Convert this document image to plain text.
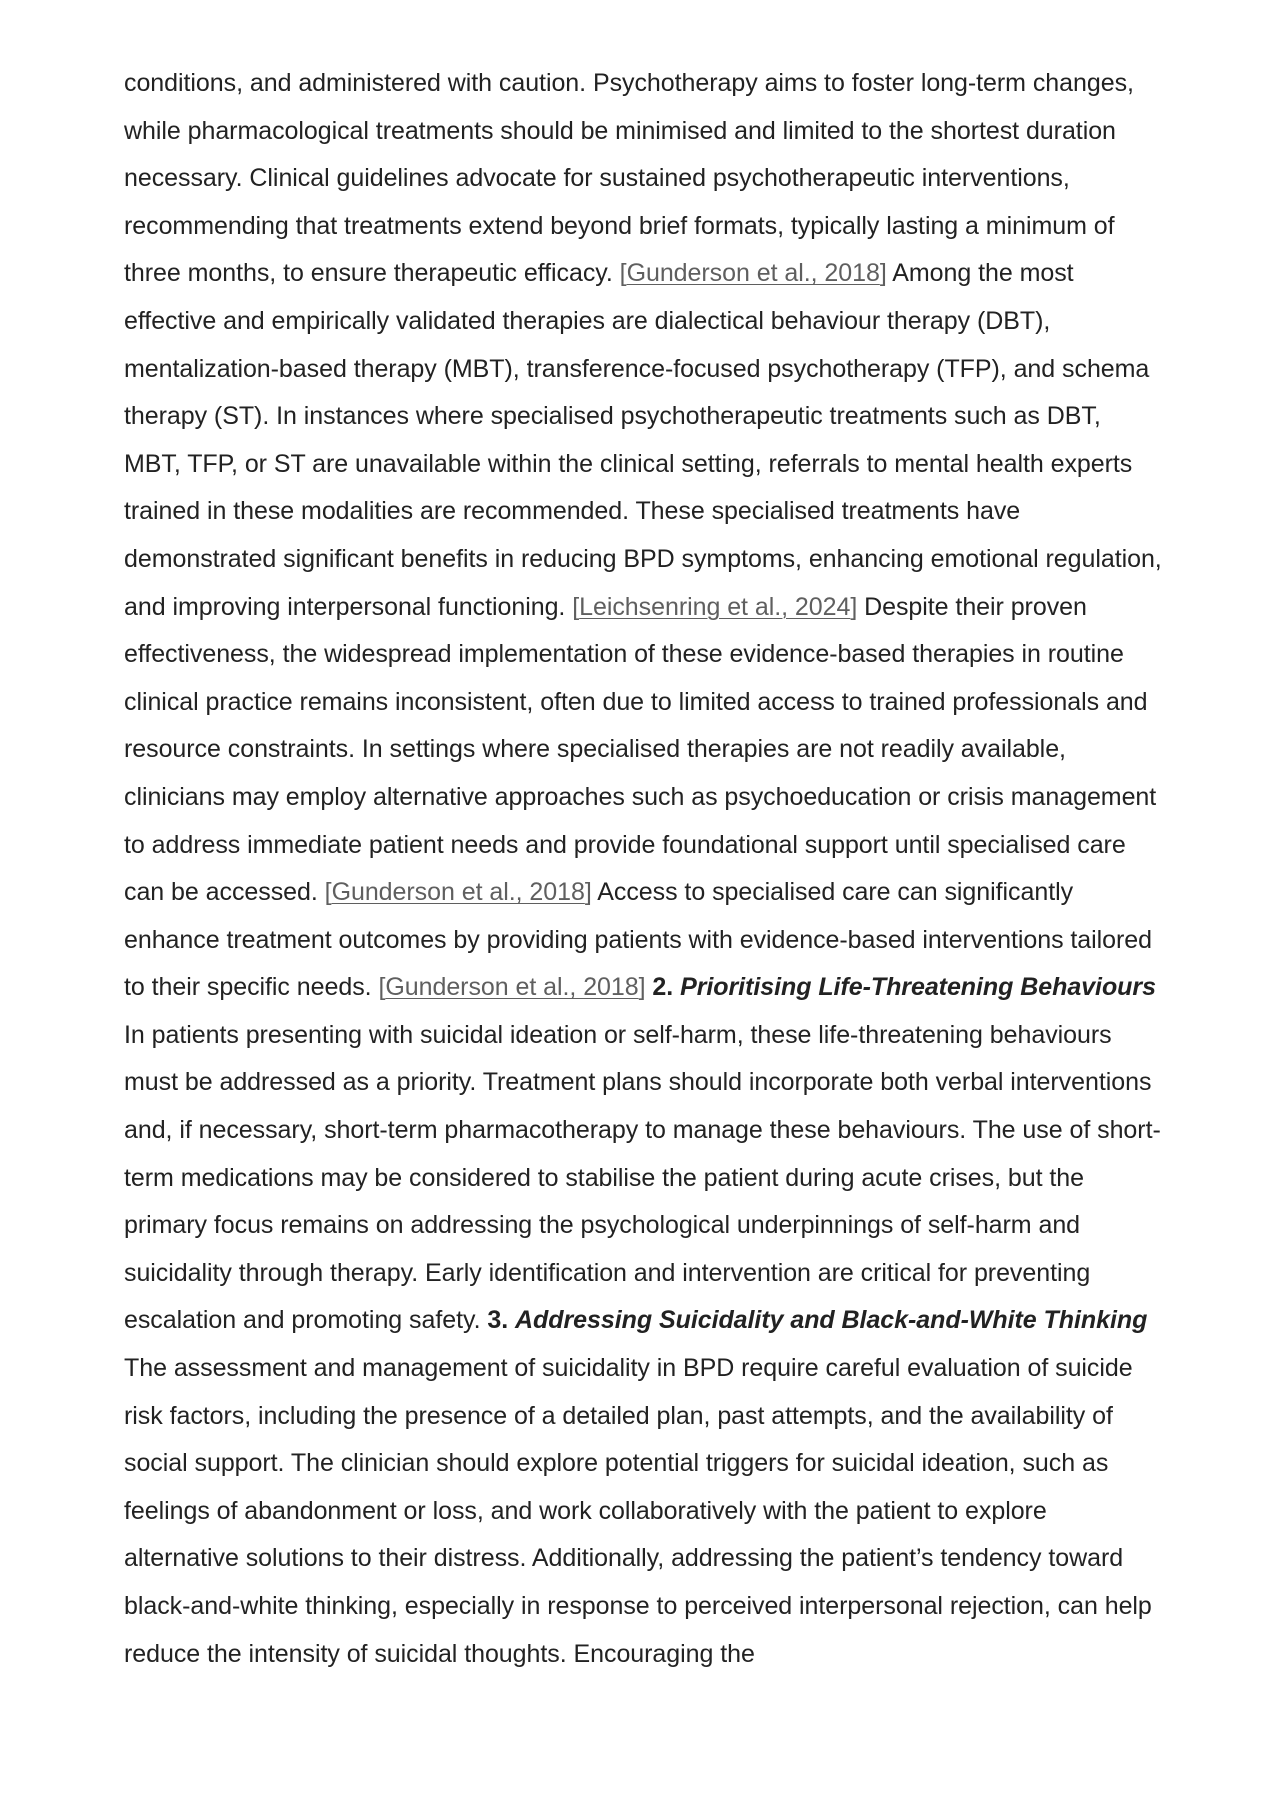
conditions, and administered with caution. Psychotherapy aims to foster long-term changes, while pharmacological treatments should be minimised and limited to the shortest duration necessary. Clinical guidelines advocate for sustained psychotherapeutic interventions, recommending that treatments extend beyond brief formats, typically lasting a minimum of three months, to ensure therapeutic efficacy. [Gunderson et al., 2018] Among the most effective and empirically validated therapies are dialectical behaviour therapy (DBT), mentalization-based therapy (MBT), transference-focused psychotherapy (TFP), and schema therapy (ST). In instances where specialised psychotherapeutic treatments such as DBT, MBT, TFP, or ST are unavailable within the clinical setting, referrals to mental health experts trained in these modalities are recommended. These specialised treatments have demonstrated significant benefits in reducing BPD symptoms, enhancing emotional regulation, and improving interpersonal functioning. [Leichsenring et al., 2024] Despite their proven effectiveness, the widespread implementation of these evidence-based therapies in routine clinical practice remains inconsistent, often due to limited access to trained professionals and resource constraints. In settings where specialised therapies are not readily available, clinicians may employ alternative approaches such as psychoeducation or crisis management to address immediate patient needs and provide foundational support until specialised care can be accessed. [Gunderson et al., 2018] Access to specialised care can significantly enhance treatment outcomes by providing patients with evidence-based interventions tailored to their specific needs. [Gunderson et al., 2018] 2. Prioritising Life-Threatening Behaviours In patients presenting with suicidal ideation or self-harm, these life-threatening behaviours must be addressed as a priority. Treatment plans should incorporate both verbal interventions and, if necessary, short-term pharmacotherapy to manage these behaviours. The use of short-term medications may be considered to stabilise the patient during acute crises, but the primary focus remains on addressing the psychological underpinnings of self-harm and suicidality through therapy. Early identification and intervention are critical for preventing escalation and promoting safety. 3. Addressing Suicidality and Black-and-White Thinking The assessment and management of suicidality in BPD require careful evaluation of suicide risk factors, including the presence of a detailed plan, past attempts, and the availability of social support. The clinician should explore potential triggers for suicidal ideation, such as feelings of abandonment or loss, and work collaboratively with the patient to explore alternative solutions to their distress. Additionally, addressing the patient’s tendency toward black-and-white thinking, especially in response to perceived interpersonal rejection, can help reduce the intensity of suicidal thoughts. Encouraging the
